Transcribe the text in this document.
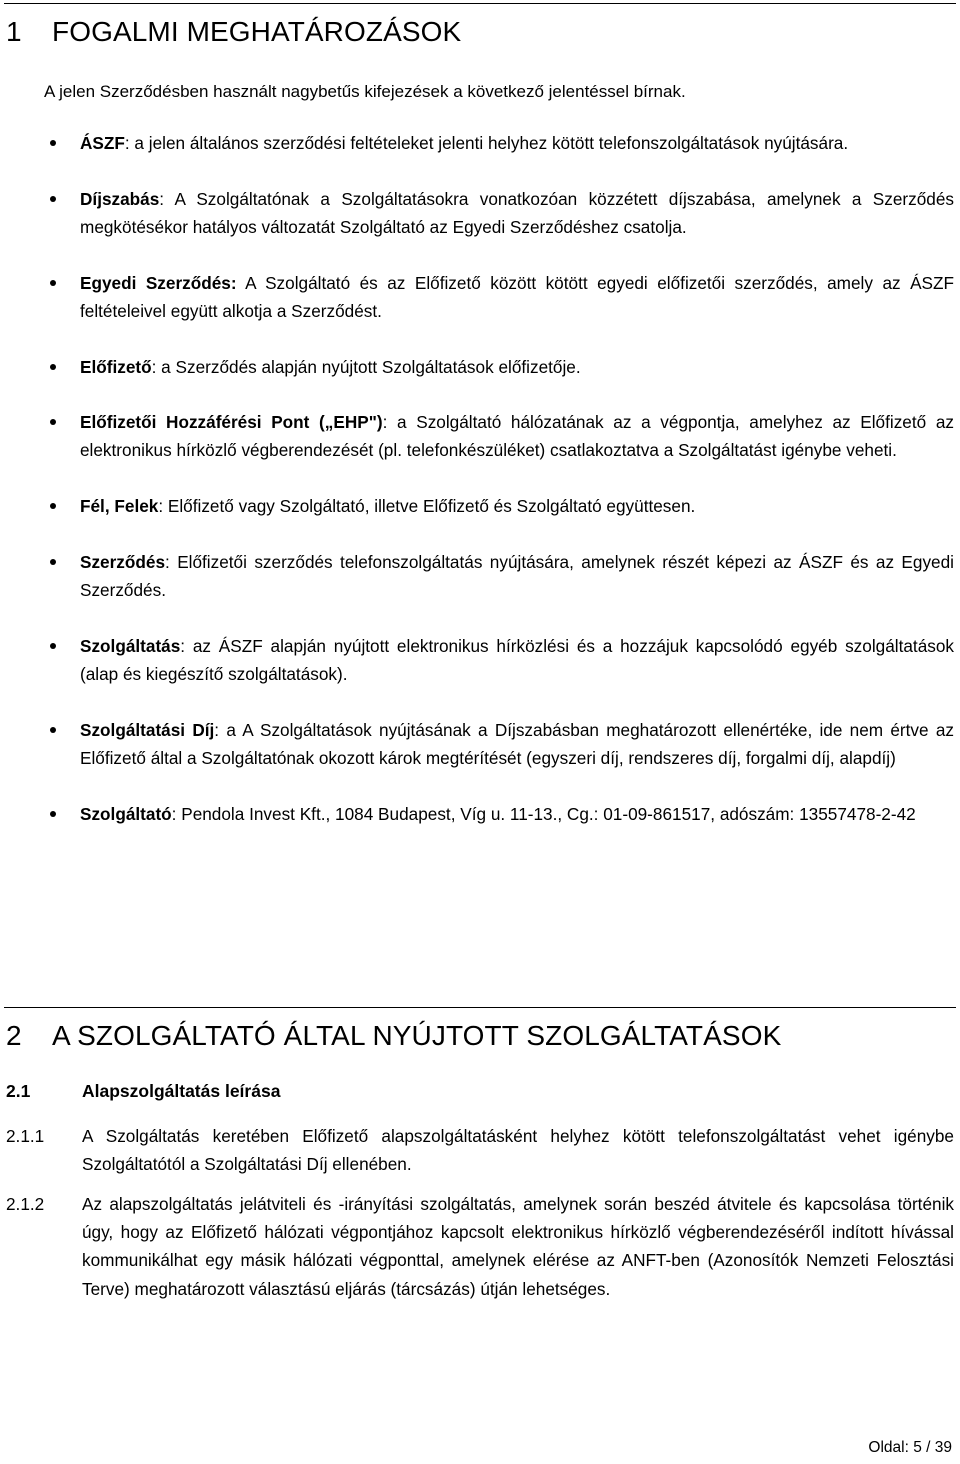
1 FOGALMI MEGHATÁROZÁSOK

A jelen Szerződésben használt nagybetűs kifejezések a következő jelentéssel bírnak.

ÁSZF: a jelen általános szerződési feltételeket jelenti helyhez kötött telefonszolgáltatások nyújtására.
Díjszabás: A Szolgáltatónak a Szolgáltatásokra vonatkozóan közzétett díjszabása, amelynek a Szerződés megkötésékor hatályos változatát Szolgáltató az Egyedi Szerződéshez csatolja.
Egyedi Szerződés: A Szolgáltató és az Előfizető között kötött egyedi előfizetői szerződés, amely az ÁSZF feltételeivel együtt alkotja a Szerződést.
Előfizető: a Szerződés alapján nyújtott Szolgáltatások előfizetője.
Előfizetői Hozzáférési Pont („EHP"): a Szolgáltató hálózatának az a végpontja, amelyhez az Előfizető az elektronikus hírközlő végberendezését (pl. telefonkészüléket) csatlakoztatva a Szolgáltatást igénybe veheti.
Fél, Felek: Előfizető vagy Szolgáltató, illetve Előfizető és Szolgáltató együttesen.
Szerződés: Előfizetői szerződés telefonszolgáltatás nyújtására, amelynek részét képezi az ÁSZF és az Egyedi Szerződés.
Szolgáltatás: az ÁSZF alapján nyújtott elektronikus hírközlési és a hozzájuk kapcsolódó egyéb szolgáltatások (alap és kiegészítő szolgáltatások).
Szolgáltatási Díj: a A Szolgáltatások nyújtásának a Díjszabásban meghatározott ellenértéke, ide nem értve az Előfizető által a Szolgáltatónak okozott károk megtérítését (egyszeri díj, rendszeres díj, forgalmi díj, alapdíj)
Szolgáltató: Pendola Invest Kft., 1084 Budapest, Víg u. 11-13., Cg.: 01-09-861517, adószám: 13557478-2-42
2 A SZOLGÁLTATÓ ÁLTAL NYÚJTOTT SZOLGÁLTATÁSOK
2.1	Alapszolgáltatás leírása
2.1.1 A Szolgáltatás keretében Előfizető alapszolgáltatásként helyhez kötött telefonszolgáltatást vehet igénybe Szolgáltatótól a Szolgáltatási Díj ellenében.
2.1.2 Az alapszolgáltatás jelátviteli és -irányítási szolgáltatás, amelynek során beszéd átvitele és kapcsolása történik úgy, hogy az Előfizető hálózati végpontjához kapcsolt elektronikus hírközlő végberendezéséről indított hívással kommunikálhat egy másik hálózati végponttal, amelynek elérése az ANFT-ben (Azonosítók Nemzeti Felosztási Terve) meghatározott választású eljárás (tárcsázás) útján lehetséges.
Oldal: 5 / 39
